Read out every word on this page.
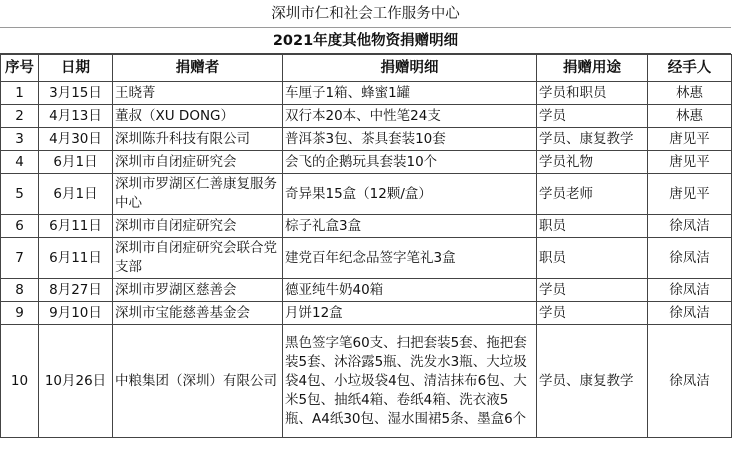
深圳市仁和社会工作服务中心
2021年度其他物资捐赠明细
序号	日期	捐赠者	捐赠明细	捐赠用途	经手人
1	3月15日	王晓菁	车厘子1箱、蜂蜜1罐	学员和职员	林惠
2	4月13日	董叔（XU DONG）	双行本20本、中性笔24支	学员	林惠
3	4月30日	深圳陈升科技有限公司	普洱茶3包、茶具套装10套	学员、康复教学	唐见平
4	6月1日	深圳市自闭症研究会	会飞的企鹅玩具套装10个	学员礼物	唐见平
5	6月1日	深圳市罗湖区仁善康复服务中心	奇异果15盒（12颗/盒）	学员老师	唐见平
6	6月11日	深圳市自闭症研究会	棕子礼盒3盒	职员	徐凤洁
7	6月11日	深圳市自闭症研究会联合党支部	建党百年纪念品签字笔礼3盒	职员	徐凤洁
8	8月27日	深圳市罗湖区慈善会	德亚纯牛奶40箱	学员	徐凤洁
9	9月10日	深圳市宝能慈善基金会	月饼12盒	学员	徐凤洁
10	10月26日	中粮集团（深圳）有限公司	黑色签字笔60支、扫把套装5套、拖把套装5套、沐浴露5瓶、洗发水3瓶、大垃圾袋4包、小垃圾袋4包、清洁抹布6包、大米5包、抽纸4箱、卷纸4箱、洗衣液5瓶、A4纸30包、湿水围裙5条、墨盒6个	学员、康复教学	徐凤洁
